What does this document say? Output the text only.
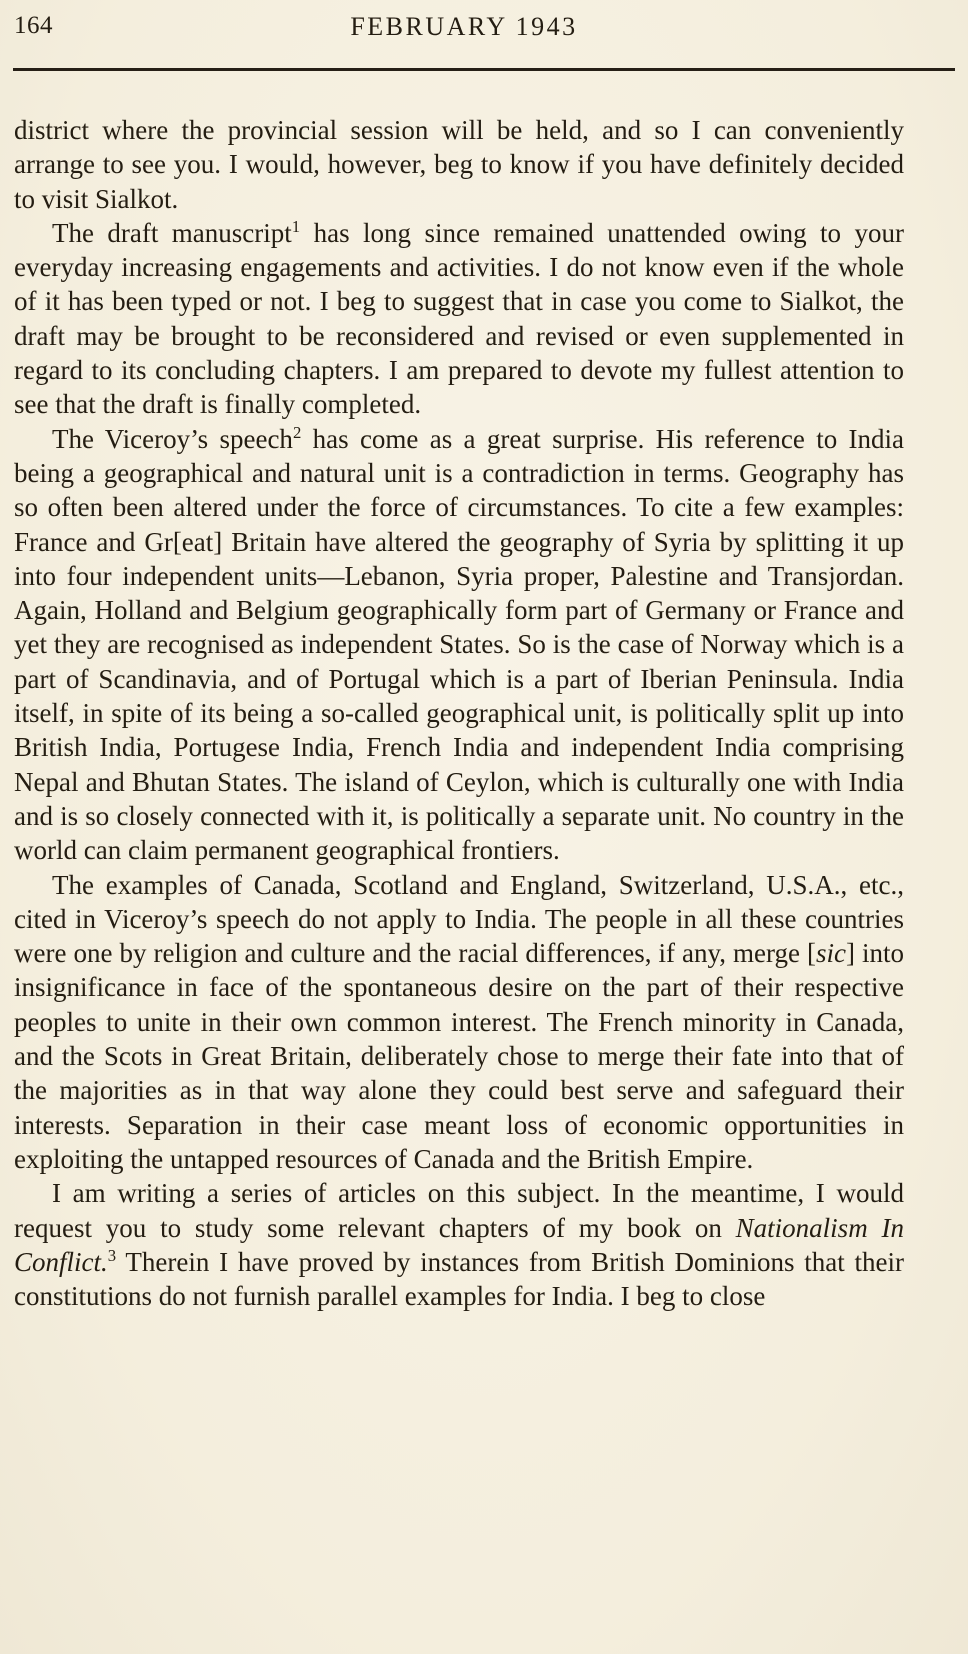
164	FEBRUARY 1943

district where the provincial session will be held, and so I can conveniently arrange to see you. I would, however, beg to know if you have definitely decided to visit Sialkot.

The draft manuscript$^1$ has long since remained unattended owing to your everyday increasing engagements and activities. I do not know even if the whole of it has been typed or not. I beg to suggest that in case you come to Sialkot, the draft may be brought to be reconsidered and revised or even supplemented in regard to its concluding chapters. I am prepared to devote my fullest attention to see that the draft is finally completed.

The Viceroy’s speech$^2$ has come as a great surprise. His reference to India being a geographical and natural unit is a contradiction in terms. Geography has so often been altered under the force of circumstances. To cite a few examples: France and Gr[eat] Britain have altered the geography of Syria by splitting it up into four independent units—Lebanon, Syria proper, Palestine and Transjordan. Again, Holland and Belgium geographically form part of Germany or France and yet they are recognised as independent States. So is the case of Norway which is a part of Scandinavia, and of Portugal which is a part of Iberian Peninsula. India itself, in spite of its being a so-called geographical unit, is politically split up into British India, Portugese India, French India and independent India comprising Nepal and Bhutan States. The island of Ceylon, which is culturally one with India and is so closely connected with it, is politically a separate unit. No country in the world can claim permanent geographical frontiers.

The examples of Canada, Scotland and England, Switzerland, U.S.A., etc., cited in Viceroy’s speech do not apply to India. The people in all these countries were one by religion and culture and the racial differences, if any, merge [sic] into insignificance in face of the spontaneous desire on the part of their respective peoples to unite in their own common interest. The French minority in Canada, and the Scots in Great Britain, deliberately chose to merge their fate into that of the majorities as in that way alone they could best serve and safeguard their interests. Separation in their case meant loss of economic opportunities in exploiting the untapped resources of Canada and the British Empire.

I am writing a series of articles on this subject. In the meantime, I would request you to study some relevant chapters of my book on Nationalism In Conflict.$^3$ Therein I have proved by instances from British Dominions that their constitutions do not furnish parallel examples for India. I beg to close
